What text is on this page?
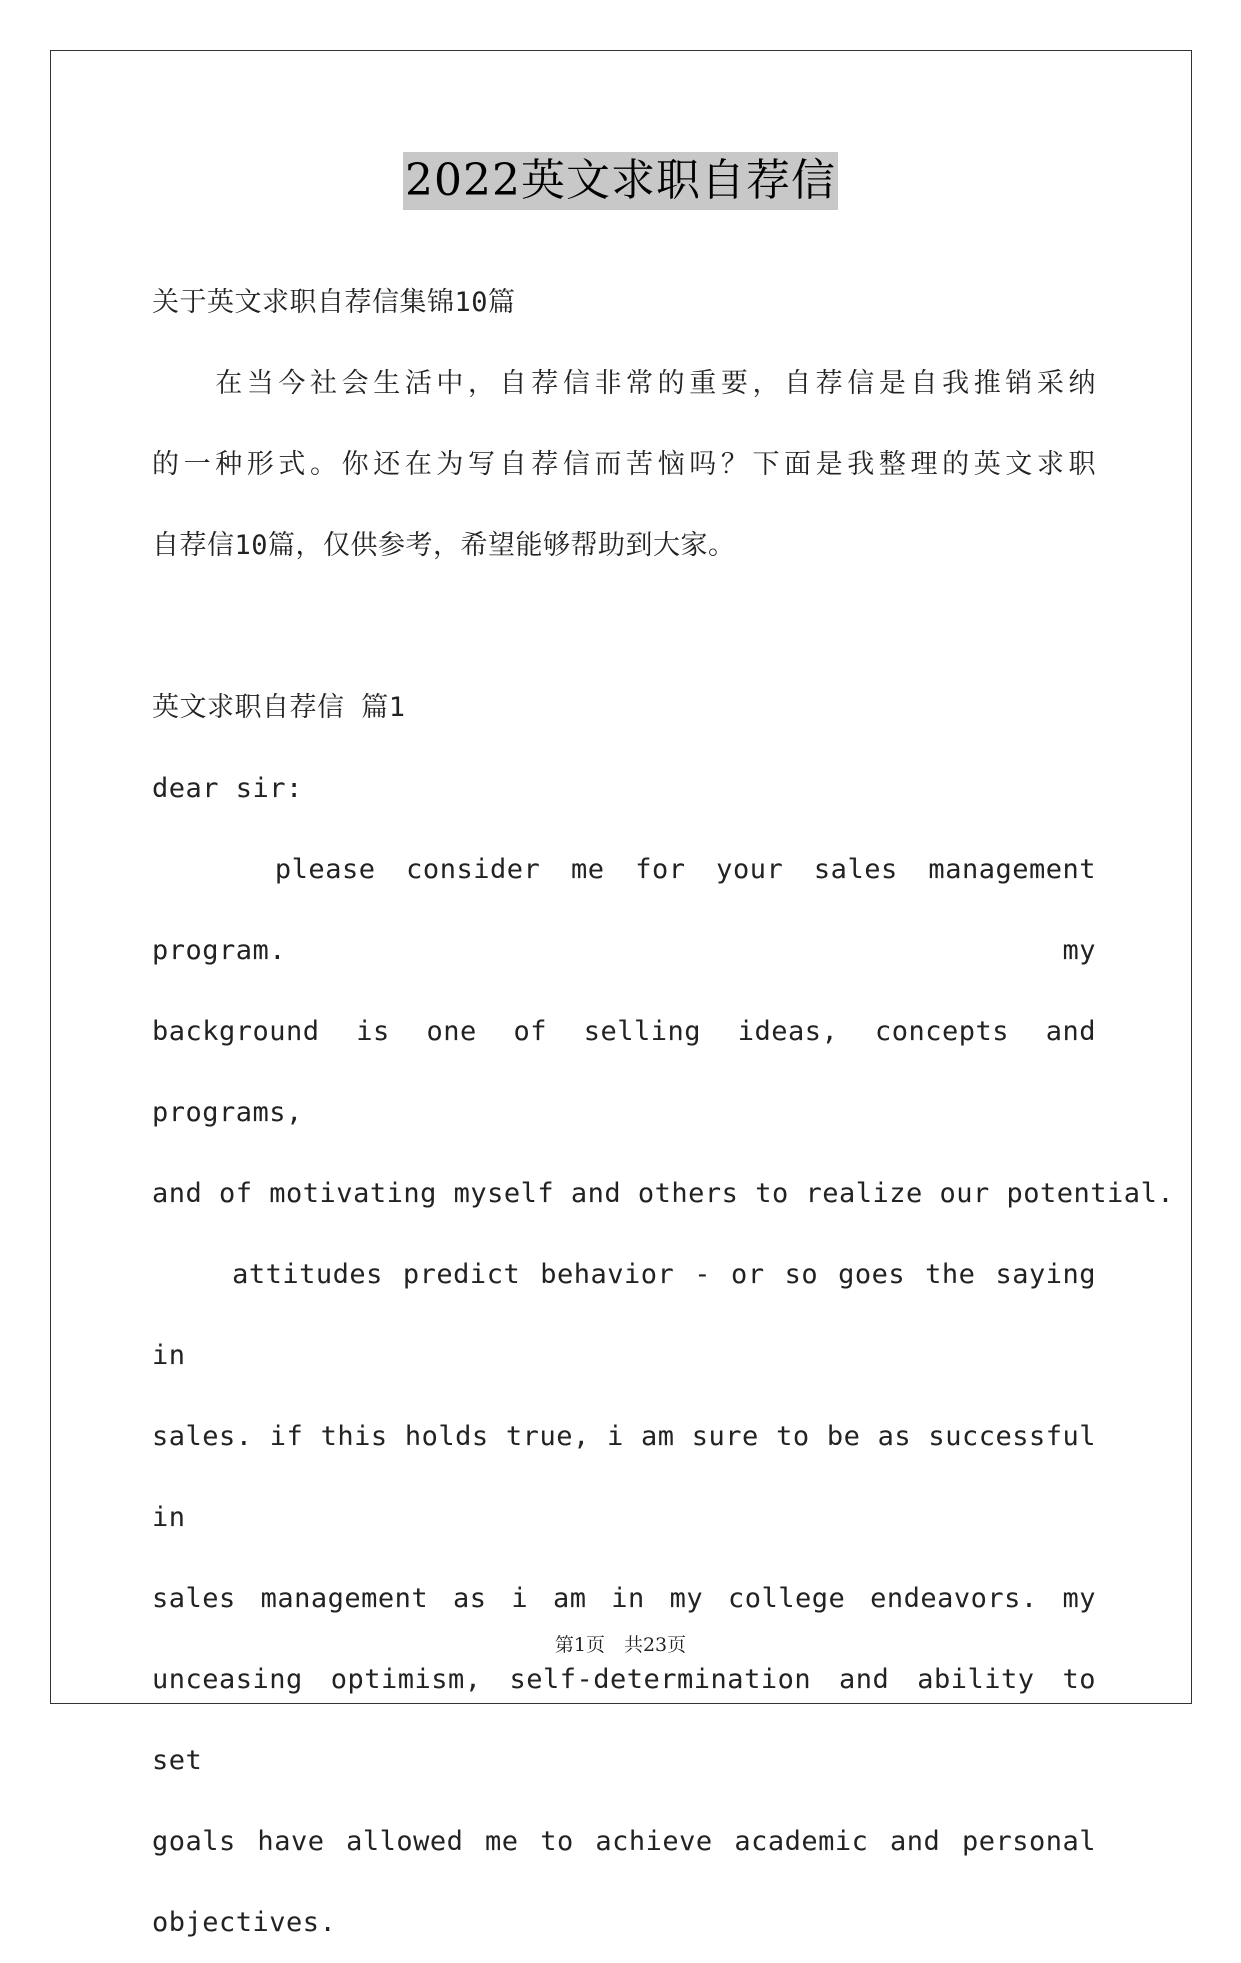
2022英文求职自荐信
关于英文求职自荐信集锦10篇
　　在当今社会生活中，自荐信非常的重要，自荐信是自我推销采纳
的一种形式。你还在为写自荐信而苦恼吗？下面是我整理的英文求职
自荐信10篇，仅供参考，希望能够帮助到大家。
英文求职自荐信 篇1
dear sir:
please consider me for your sales management program. my
background is one of selling ideas, concepts and programs,
and of motivating myself and others to realize our potential.
attitudes predict behavior - or so goes the saying in
sales. if this holds true, i am sure to be as successful in
sales management as i am in my college endeavors. my
unceasing optimism, self-determination and ability to set
goals have allowed me to achieve academic and personal
objectives.
第1页　共23页
